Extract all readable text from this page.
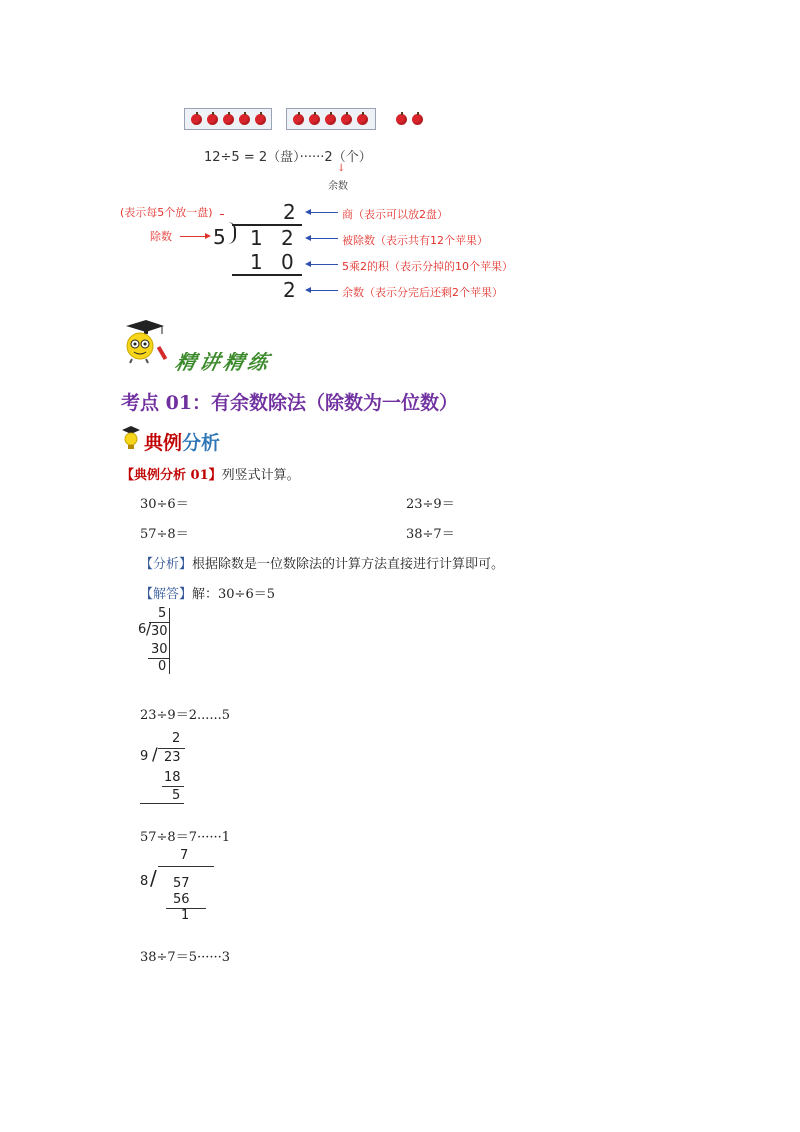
12÷5 = 2（盘）······2（个）
↓
余数
(表示每5个放一盘)
除数
2
5 1 2
1 0
2
商（表示可以放2盘）
被除数（表示共有12个苹果）
5乘2的积（表示分掉的10个苹果）
余数（表示分完后还剩2个苹果）
精讲精练
考点 01：有余数除法（除数为一位数）
典例分析
【典例分析 01】列竖式计算。
30÷6＝	23÷9＝
57÷8＝	38÷7＝
【分析】根据除数是一位数除法的计算方法直接进行计算即可。
【解答】解：30÷6＝5
5
6 / 30
30
0
23÷9＝2......5
2
9 / 23
18
5
57÷8＝7······1
7
8 / 57
56
1
38÷7＝5······3
